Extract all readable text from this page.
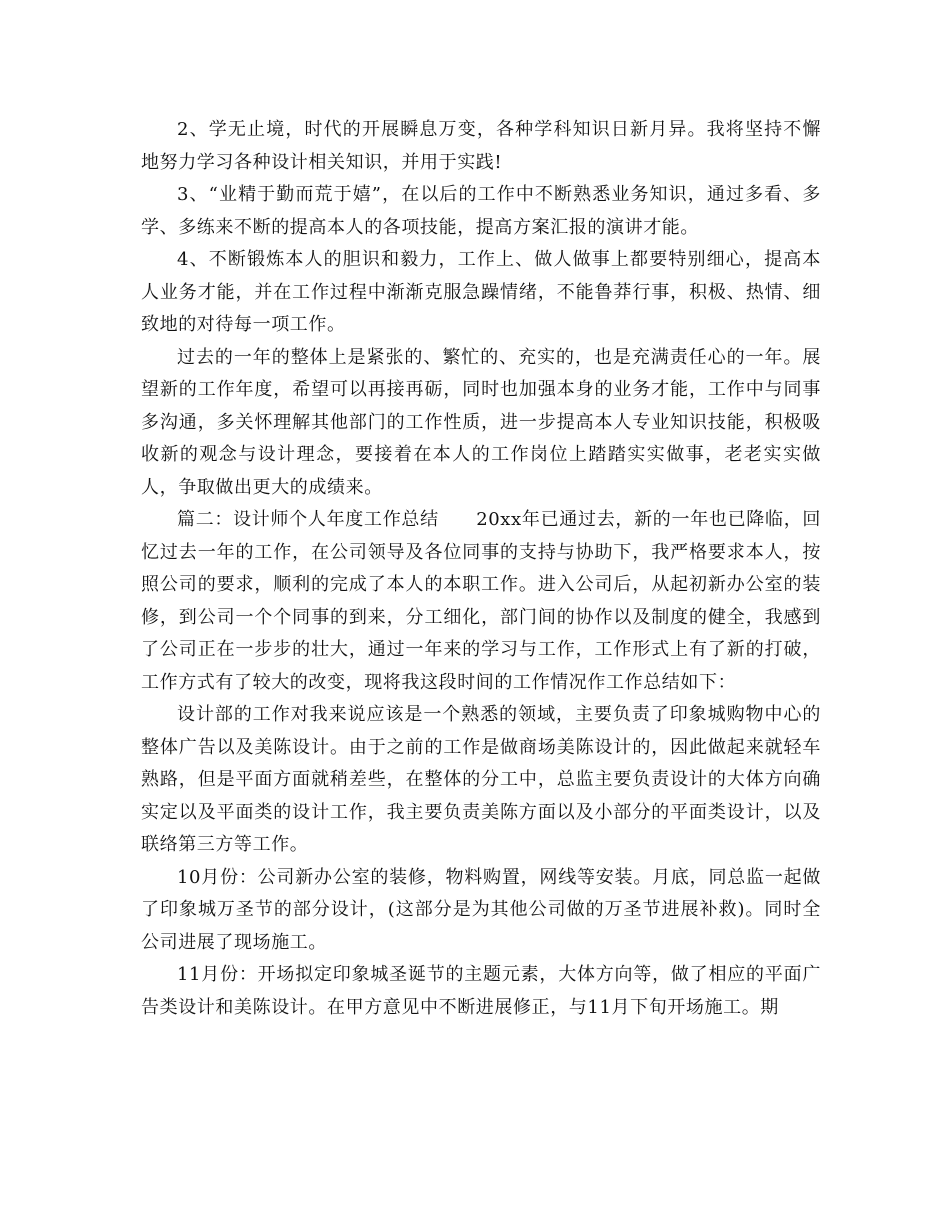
2、学无止境，时代的开展瞬息万变，各种学科知识日新月异。我将坚持不懈地努力学习各种设计相关知识，并用于实践!

3、“业精于勤而荒于嬉”，在以后的工作中不断熟悉业务知识，通过多看、多学、多练来不断的提高本人的各项技能，提高方案汇报的演讲才能。

4、不断锻炼本人的胆识和毅力，工作上、做人做事上都要特别细心，提高本人业务才能，并在工作过程中渐渐克服急躁情绪，不能鲁莽行事，积极、热情、细致地的对待每一项工作。

过去的一年的整体上是紧张的、繁忙的、充实的，也是充满责任心的一年。展望新的工作年度，希望可以再接再砺，同时也加强本身的业务才能，工作中与同事多沟通，多关怀理解其他部门的工作性质，进一步提高本人专业知识技能，积极吸收新的观念与设计理念，要接着在本人的工作岗位上踏踏实实做事，老老实实做人，争取做出更大的成绩来。

篇二：设计师个人年度工作总结　　20xx年已通过去，新的一年也已降临，回忆过去一年的工作，在公司领导及各位同事的支持与协助下，我严格要求本人，按照公司的要求，顺利的完成了本人的本职工作。进入公司后，从起初新办公室的装修，到公司一个个同事的到来，分工细化，部门间的协作以及制度的健全，我感到了公司正在一步步的壮大，通过一年来的学习与工作，工作形式上有了新的打破，工作方式有了较大的改变，现将我这段时间的工作情况作工作总结如下：

设计部的工作对我来说应该是一个熟悉的领域，主要负责了印象城购物中心的整体广告以及美陈设计。由于之前的工作是做商场美陈设计的，因此做起来就轻车熟路，但是平面方面就稍差些，在整体的分工中，总监主要负责设计的大体方向确实定以及平面类的设计工作，我主要负责美陈方面以及小部分的平面类设计，以及联络第三方等工作。

10月份：公司新办公室的装修，物料购置，网线等安装。月底，同总监一起做了印象城万圣节的部分设计，(这部分是为其他公司做的万圣节进展补救)。同时全公司进展了现场施工。

11月份：开场拟定印象城圣诞节的主题元素，大体方向等，做了相应的平面广告类设计和美陈设计。在甲方意见中不断进展修正，与11月下旬开场施工。期
